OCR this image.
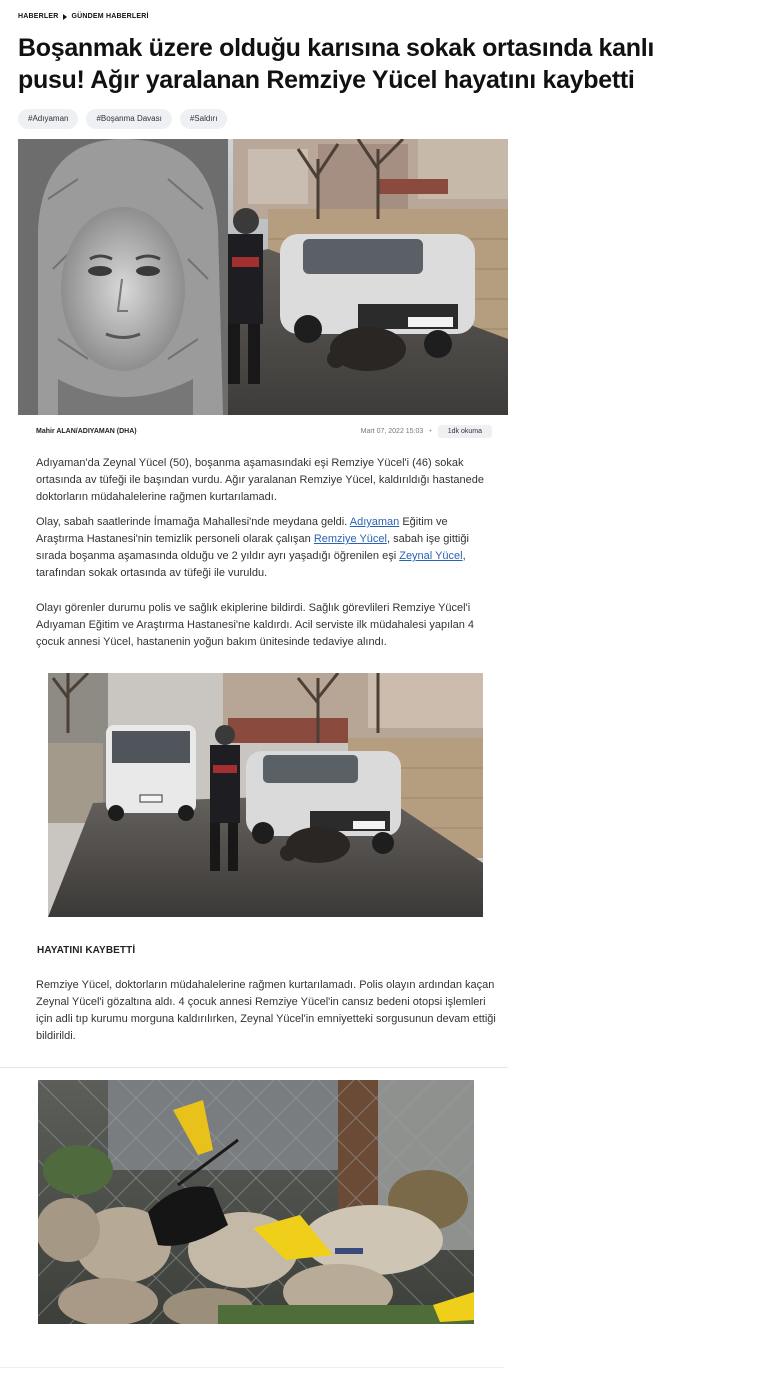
HABERLER GÜNDEM HABERLERİ
Boşanmak üzere olduğu karısına sokak ortasında kanlı pusu! Ağır yaralanan Remziye Yücel hayatını kaybetti
#Adıyaman	#Boşanma Davası	#Saldırı
Mahir ALAN/ADIYAMAN (DHA)	Mart 07, 2022 15:03 •	1dk okuma

Adıyaman'da Zeynal Yücel (50), boşanma aşamasındaki eşi Remziye Yücel'i (46) sokak ortasında av tüfeği ile başından vurdu. Ağır yaralanan Remziye Yücel, kaldırıldığı hastanede doktorların müdahalelerine rağmen kurtarılamadı.

Olay, sabah saatlerinde İmamağa Mahallesi'nde meydana geldi. Adıyaman Eğitim ve Araştırma Hastanesi'nin temizlik personeli olarak çalışan Remziye Yücel, sabah işe gittiği sırada boşanma aşamasında olduğu ve 2 yıldır ayrı yaşadığı öğrenilen eşi Zeynal Yücel, tarafından sokak ortasında av tüfeği ile vuruldu.

Olayı görenler durumu polis ve sağlık ekiplerine bildirdi. Sağlık görevlileri Remziye Yücel'i Adıyaman Eğitim ve Araştırma Hastanesi'ne kaldırdı. Acil serviste ilk müdahalesi yapılan 4 çocuk annesi Yücel, hastanenin yoğun bakım ünitesinde tedaviye alındı.

HAYATINI KAYBETTİ

Remziye Yücel, doktorların müdahalelerine rağmen kurtarılamadı. Polis olayın ardından kaçan Zeynal Yücel'i gözaltına aldı. 4 çocuk annesi Remziye Yücel'in cansız bedeni otopsi işlemleri için adli tıp kurumu morguna kaldırılırken, Zeynal Yücel'in emniyetteki sorgusunun devam ettiği bildirildi.
